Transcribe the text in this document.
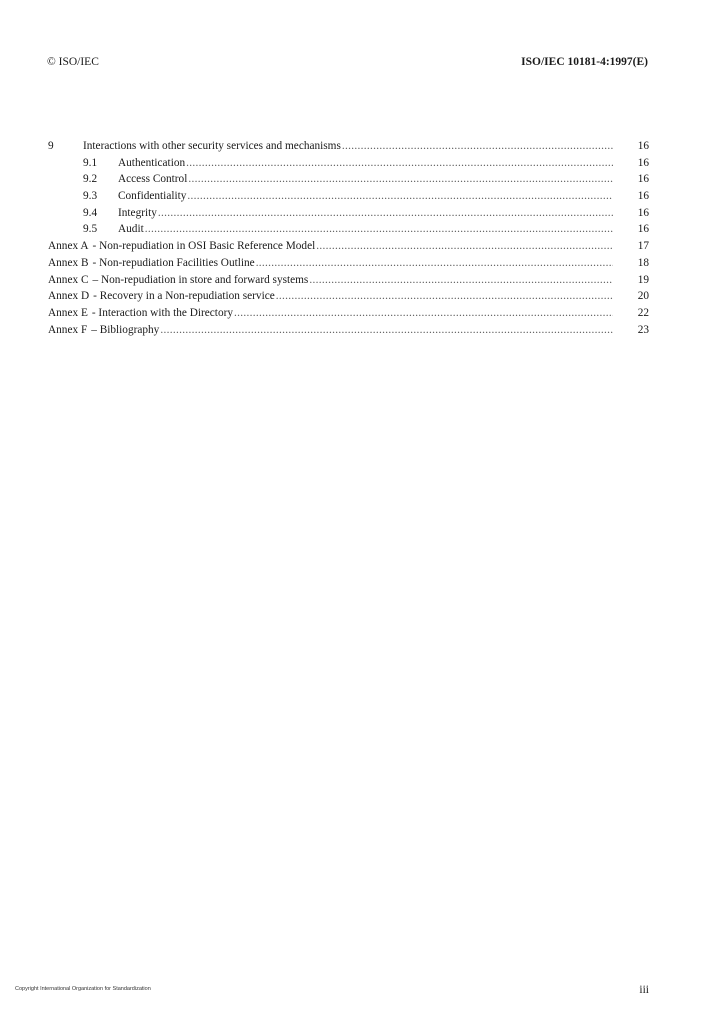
© ISO/IEC	ISO/IEC 10181-4:1997(E)
9	Interactions with other security services and mechanisms .....	16
9.1	Authentication .....	16
9.2	Access Control .....	16
9.3	Confidentiality .....	16
9.4	Integrity .....	16
9.5	Audit .....	16
Annex A - Non-repudiation in OSI Basic Reference Model .....	17
Annex B - Non-repudiation Facilities Outline .....	18
Annex C – Non-repudiation in store and forward systems .....	19
Annex D - Recovery in a Non-repudiation service .....	20
Annex E - Interaction with the Directory .....	22
Annex F – Bibliography .....	23
Copyright International Organization for Standardization	iii
